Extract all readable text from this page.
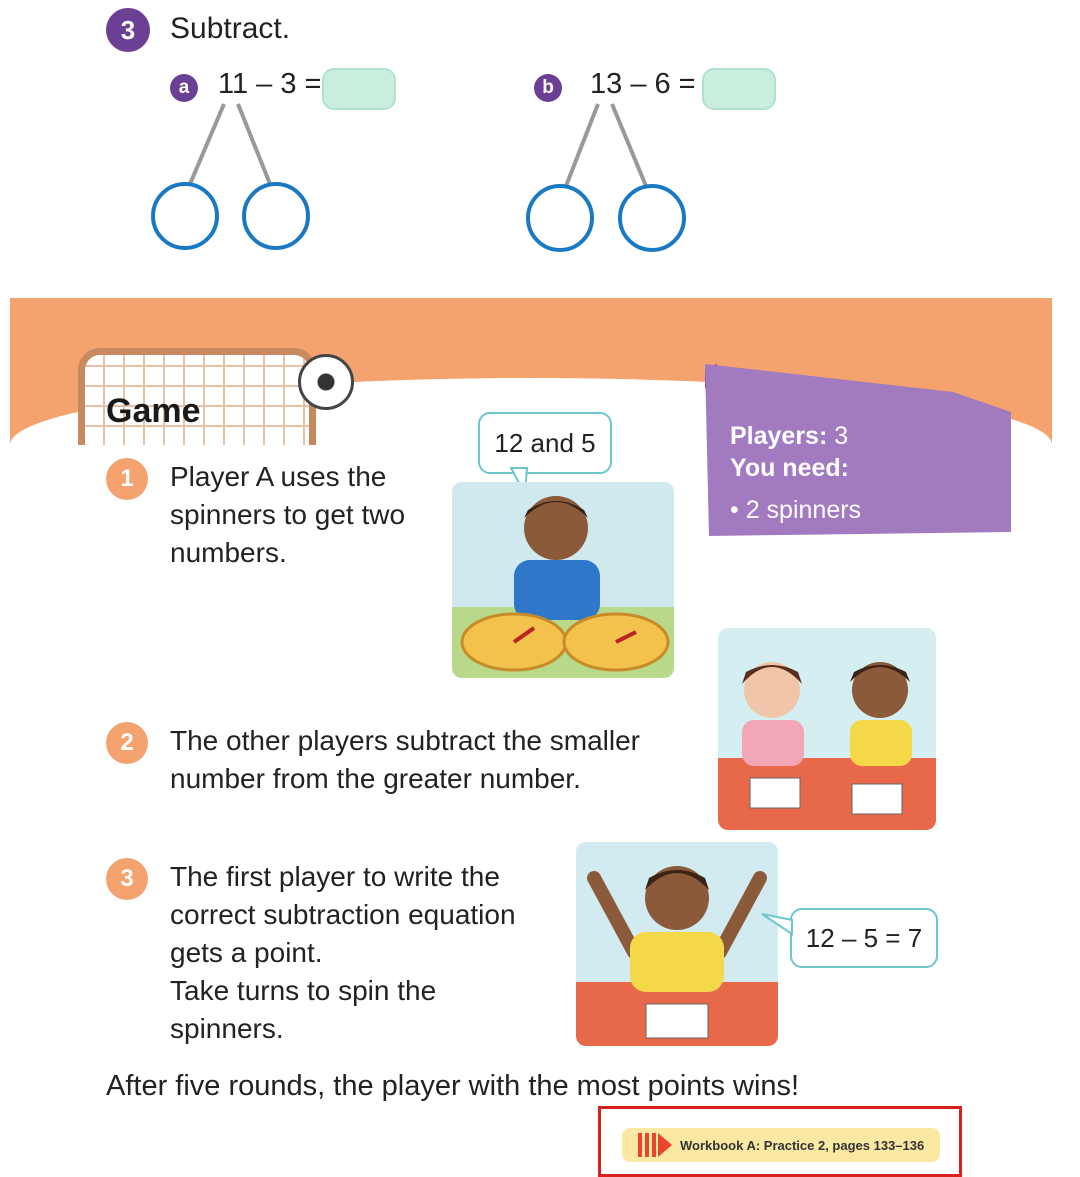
3 Subtract.
a 11 – 3 =	b 13 – 6 =
Game
Players: 3
You need:
• 2 spinners
1 Player A uses the
spinners to get two
numbers.
12 and 5
2 The other players subtract the smaller
number from the greater number.
3 The first player to write the
correct subtraction equation
gets a point.
Take turns to spin the
spinners.
12 – 5 = 7
After five rounds, the player with the most points wins!
Workbook A: Practice 2, pages 133–136
